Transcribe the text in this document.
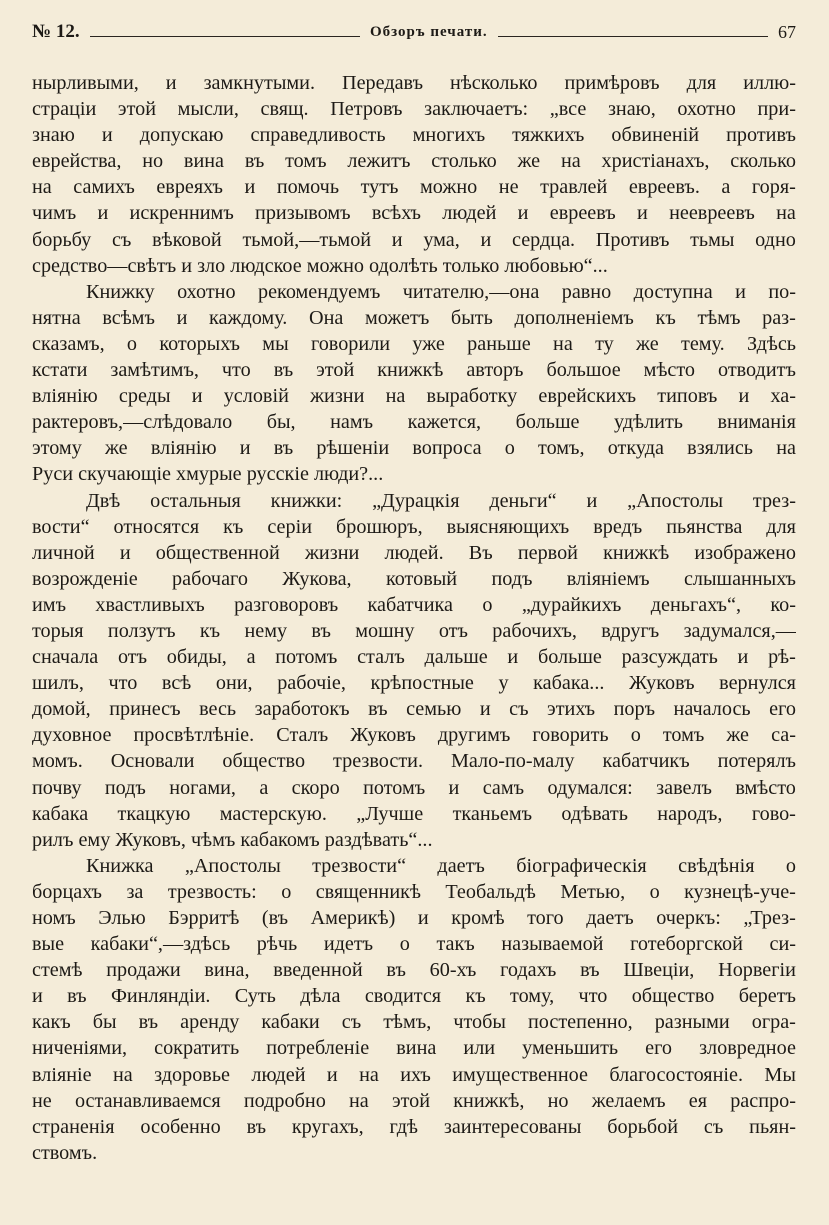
№ 12.	Обзоръ печати.	67
нырливыми, и замкнутыми. Передавъ нѣсколько примѣровъ для иллю-
страціи этой мысли, свящ. Петровъ заключаетъ: „все знаю, охотно при-
знаю и допускаю справедливость многихъ тяжкихъ обвиненій противъ
еврейства, но вина въ томъ лежитъ столько же на христіанахъ, сколько
на самихъ евреяхъ и помочь тутъ можно не травлей евреевъ. а горя-
чимъ и искреннимъ призывомъ всѣхъ людей и евреевъ и неевреевъ на
борьбу съ вѣковой тьмой,—тьмой и ума, и сердца. Противъ тьмы одно
средство—свѣтъ и зло людское можно одолѣть только любовью“...
Книжку охотно рекомендуемъ читателю,—она равно доступна и по-
нятна всѣмъ и каждому. Она можетъ быть дополненіемъ къ тѣмъ раз-
сказамъ, о которыхъ мы говорили уже раньше на ту же тему. Здѣсь
кстати замѣтимъ, что въ этой книжкѣ авторъ большое мѣсто отводитъ
вліянію среды и условій жизни на выработку еврейскихъ типовъ и ха-
рактеровъ,—слѣдовало бы, намъ кажется, больше удѣлить вниманія
этому же вліянію и въ рѣшеніи вопроса о томъ, откуда взялись на
Руси скучающіе хмурые русскіе люди?...
Двѣ остальныя книжки: „Дурацкія деньги“ и „Апостолы трез-
вости“ относятся къ серіи брошюръ, выясняющихъ вредъ пьянства для
личной и общественной жизни людей. Въ первой книжкѣ изображено
возрожденіе рабочаго Жукова, котовый подъ вліяніемъ слышанныхъ
имъ хвастливыхъ разговоровъ кабатчика о „дурайкихъ деньгахъ“, ко-
торыя ползутъ къ нему въ мошну отъ рабочихъ, вдругъ задумался,—
сначала отъ обиды, а потомъ сталъ дальше и больше разсуждать и рѣ-
шилъ, что всѣ они, рабочіе, крѣпостные у кабака... Жуковъ вернулся
домой, принесъ весь заработокъ въ семью и съ этихъ поръ началось его
духовное просвѣтлѣніе. Сталъ Жуковъ другимъ говорить о томъ же са-
момъ. Основали общество трезвости. Мало-по-малу кабатчикъ потерялъ
почву подъ ногами, а скоро потомъ и самъ одумался: завелъ вмѣсто
кабака ткацкую мастерскую. „Лучше тканьемъ одѣвать народъ, гово-
рилъ ему Жуковъ, чѣмъ кабакомъ раздѣвать“...
Книжка „Апостолы трезвости“ даетъ біографическія свѣдѣнія о
борцахъ за трезвость: о священникѣ Теобальдѣ Метью, о кузнецѣ-уче-
номъ Элью Бэрритѣ (въ Америкѣ) и кромѣ того даетъ очеркъ: „Трез-
вые кабаки“,—здѣсь рѣчь идетъ о такъ называемой готеборгской си-
стемѣ продажи вина, введенной въ 60-хъ годахъ въ Швеціи, Норвегіи
и въ Финляндіи. Суть дѣла сводится къ тому, что общество беретъ
какъ бы въ аренду кабаки съ тѣмъ, чтобы постепенно, разными огра-
ниченіями, сократить потребленіе вина или уменьшить его зловредное
вліяніе на здоровье людей и на ихъ имущественное благосостояніе. Мы
не останавливаемся подробно на этой книжкѣ, но желаемъ ея распро-
страненія особенно въ кругахъ, гдѣ заинтересованы борьбой съ пьян-
ствомъ.
